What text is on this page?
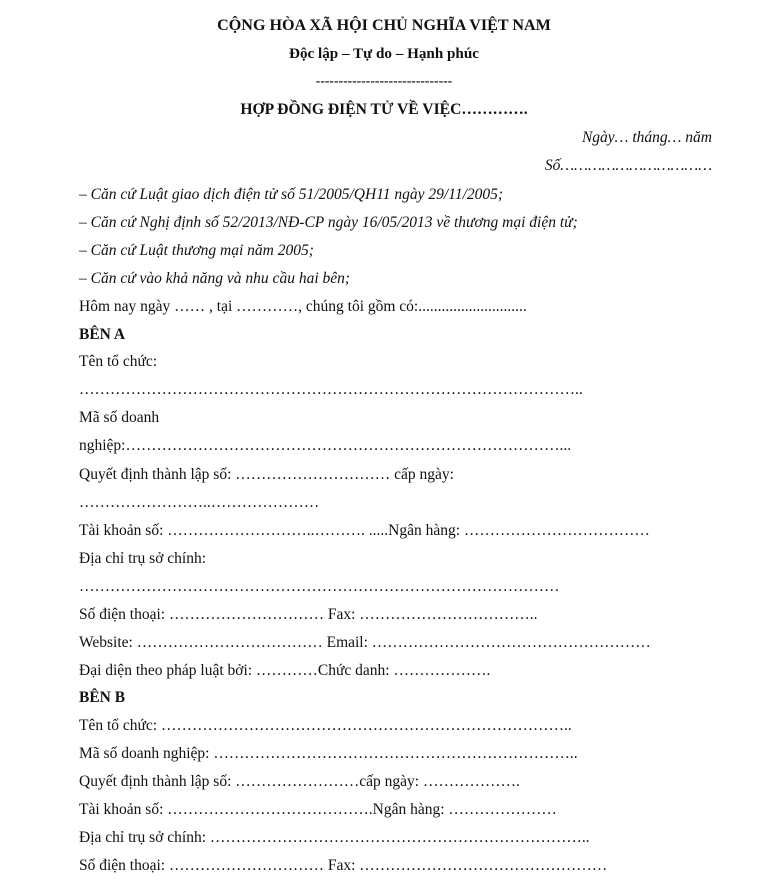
CỘNG HÒA XÃ HỘI CHỦ NGHĨA VIỆT NAM
Độc lập – Tự do – Hạnh phúc
------------------------------
HỢP ĐỒNG ĐIỆN TỬ VỀ VIỆC………….
Ngày… tháng… năm
Số……………………………
– Căn cứ Luật giao dịch điện tử số 51/2005/QH11 ngày 29/11/2005;
– Căn cứ Nghị định số 52/2013/NĐ-CP ngày 16/05/2013 về thương mại điện tử;
– Căn cứ Luật thương mại năm 2005;
– Căn cứ vào khả năng và nhu cầu hai bên;
Hôm nay ngày …… , tại …………, chúng tôi gồm có:............................
BÊN A
Tên tổ chức:
……………………………………………………………………………………..
Mã số doanh
nghiệp:…………………………………………………………………………...
Quyết định thành lập số: ………………………… cấp ngày:
……………………..…………………
Tài khoản số: ………………………..………. .....Ngân hàng: ………………………………
Địa chỉ trụ sở chính:
…………………………………………………………………………………
Số điện thoại: ………………………… Fax: ……………………………..
Website: ……………………………… Email: ………………………………………………
Đại diện theo pháp luật bởi: …………Chức danh: ……………….
BÊN B
Tên tổ chức: ……………………………………………………………………..
Mã số doanh nghiệp: ……………………………………………………………..
Quyết định thành lập số: ……………………cấp ngày: ……………….
Tài khoản số: ………………………………….Ngân hàng: …………………
Địa chỉ trụ sở chính: ………………………………………………………………..
Số điện thoại: ………………………… Fax: …………………………………………
